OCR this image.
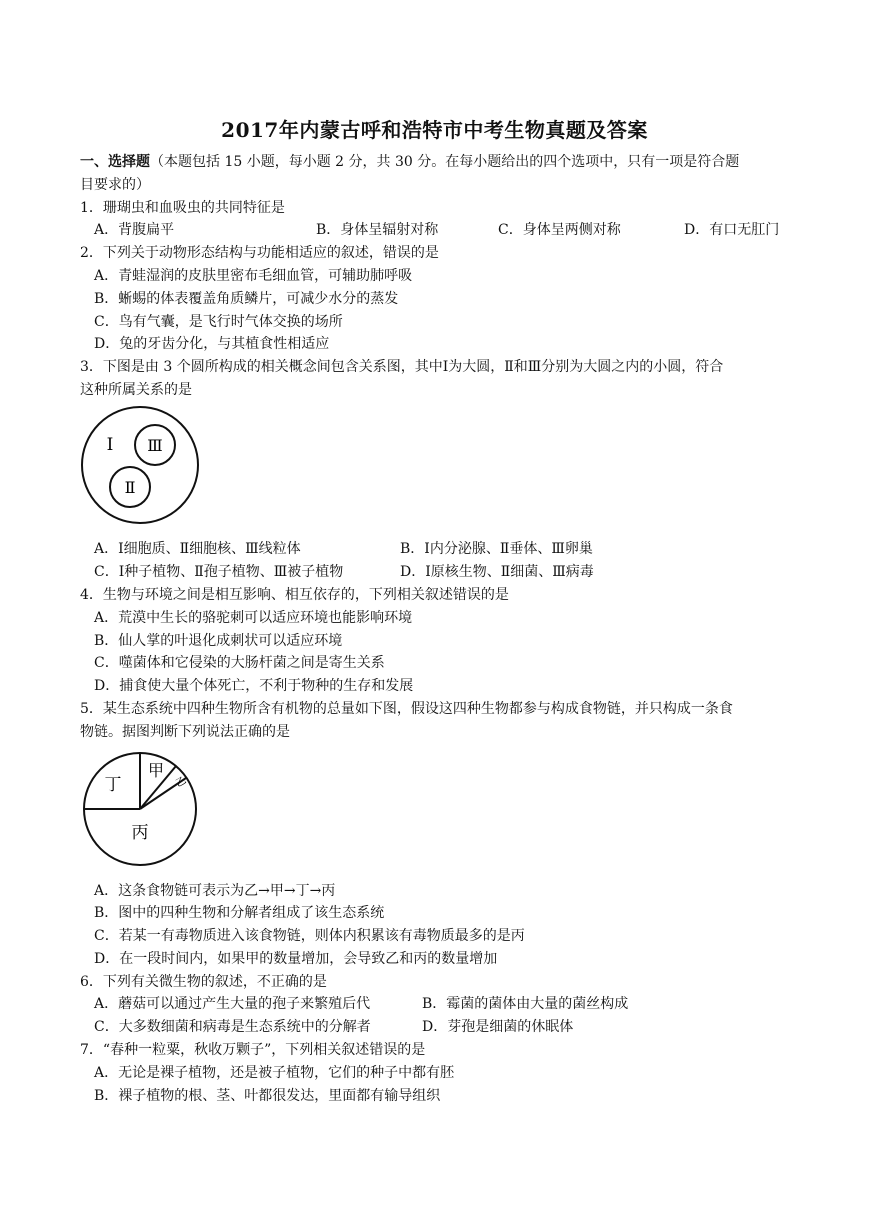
2017年内蒙古呼和浩特市中考生物真题及答案
一、选择题（本题包括 15 小题，每小题 2 分，共 30 分。在每小题给出的四个选项中，只有一项是符合题
目要求的）
1．珊瑚虫和血吸虫的共同特征是
A．背腹扁平	B．身体呈辐射对称	C．身体呈两侧对称	D．有口无肛门
2．下列关于动物形态结构与功能相适应的叙述，错误的是
A．青蛙湿润的皮肤里密布毛细血管，可辅助肺呼吸
B．蜥蜴的体表覆盖角质鳞片，可减少水分的蒸发
C．鸟有气囊，是飞行时气体交换的场所
D．兔的牙齿分化，与其植食性相适应
3．下图是由 3 个圆所构成的相关概念间包含关系图，其中Ⅰ为大圆，Ⅱ和Ⅲ分别为大圆之内的小圆，符合
这种所属关系的是
Ⅰ Ⅲ
Ⅱ
A．Ⅰ细胞质、Ⅱ细胞核、Ⅲ线粒体	B．Ⅰ内分泌腺、Ⅱ垂体、Ⅲ卵巢
C．Ⅰ种子植物、Ⅱ孢子植物、Ⅲ被子植物	D．Ⅰ原核生物、Ⅱ细菌、Ⅲ病毒
4．生物与环境之间是相互影响、相互依存的，下列相关叙述错误的是
A．荒漠中生长的骆驼刺可以适应环境也能影响环境
B．仙人掌的叶退化成刺状可以适应环境
C．噬菌体和它侵染的大肠杆菌之间是寄生关系
D．捕食使大量个体死亡，不利于物种的生存和发展
5．某生态系统中四种生物所含有机物的总量如下图，假设这四种生物都参与构成食物链，并只构成一条食
物链。据图判断下列说法正确的是
丁
甲
乙
丙
A．这条食物链可表示为乙→甲→丁→丙
B．图中的四种生物和分解者组成了该生态系统
C．若某一有毒物质进入该食物链，则体内积累该有毒物质最多的是丙
D．在一段时间内，如果甲的数量增加，会导致乙和丙的数量增加
6．下列有关微生物的叙述，不正确的是
A．蘑菇可以通过产生大量的孢子来繁殖后代	B．霉菌的菌体由大量的菌丝构成
C．大多数细菌和病毒是生态系统中的分解者	D．芽孢是细菌的休眠体
7．“春种一粒粟，秋收万颗子”，下列相关叙述错误的是
A．无论是裸子植物，还是被子植物，它们的种子中都有胚
B．裸子植物的根、茎、叶都很发达，里面都有输导组织
